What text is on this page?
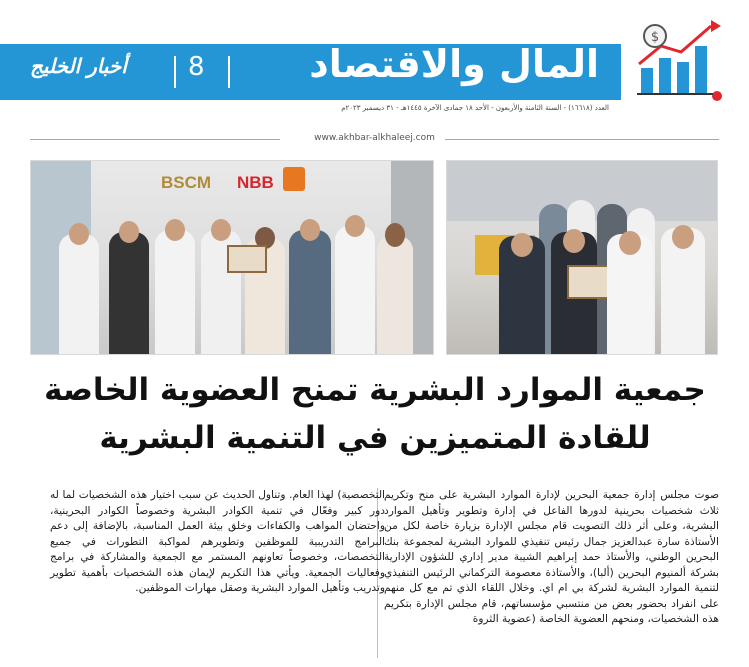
$
المال والاقتصاد
8
أخبار الخليج
العدد (١٦٦١٨) - السنة الثامنة والأربعون - الأحد ١٨ جمادى الآخرة ١٤٤٥هـ - ٣١ ديسمبر ٢٠٢٣م
www.akhbar-alkhaleej.com
BSCM NBB
جمعية الموارد البشرية تمنح العضوية الخاصة
للقادة المتميزين في التنمية البشرية
صوت مجلس إدارة جمعية البحرين لإدارة الموارد البشرية على منح وتكريم ثلاث شخصيات بحرينية لدورها الفاعل في إدارة وتطوير وتأهيل الموارد البشرية، وعلى أثر ذلك التصويت قام مجلس الإدارة بزيارة خاصة لكل من الأستاذة سارة عبدالعزيز جمال رئيس تنفيذي للموارد البشرية لمجموعة بنك البحرين الوطني، والأستاذ حمد إبراهيم الشيبة مدير إداري للشؤون الإدارية بشركة ألمنيوم البحرين (ألبا)، والأستاذة معصومة التركماني الرئيس التنفيذي لتنمية الموارد البشرية لشركة بي ام اي. وخلال اللقاء الذي تم مع كل منهم على انفراد بحضور بعض من منتسبي مؤسساتهم، قام مجلس الإدارة بتكريم هذه الشخصيات، ومنحهم العضوية الخاصة (عضوية الثروة
التخصصية) لهذا العام. وتناول الحديث عن سبب اختيار هذه الشخصيات لما له دور كبير وفعّال في تنمية الكوادر البشرية وخصوصاً الكوادر البحرينية، واحتضان المواهب والكفاءات وخلق بيئة العمل المناسبة، بالإضافة إلى دعم البرامج التدريبية للموظفين وتطويرهم لمواكبة التطورات في جميع التخصصات، وخصوصاً تعاونهم المستمر مع الجمعية والمشاركة في برامج وفعاليات الجمعية. ويأتي هذا التكريم لإيمان هذه الشخصيات بأهمية تطوير وتدريب وتأهيل الموارد البشرية وصقل مهارات الموظفين.
